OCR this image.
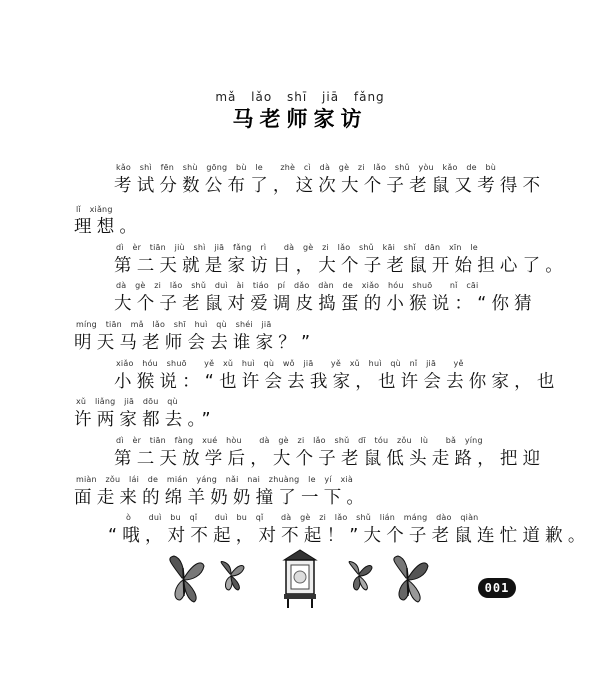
mǎ lǎo shī jiā fǎng
马老师家访
kǎo shì fēn shù gōng bù le  zhè cì dà gè zi lǎo shǔ yòu kǎo de bù
考试分数公布了，这次大个子老鼠又考得不
lǐ xiǎng
理想。
dì èr tiān jiù shì jiā fǎng rì  dà gè zi lǎo shǔ kāi shǐ dān xīn le
第二天就是家访日，大个子老鼠开始担心了。
dà gè zi lǎo shǔ duì ài tiáo pí dǎo dàn de xiǎo hóu shuō  nǐ cāi
大个子老鼠对爱调皮捣蛋的小猴说：“你猜
míng tiān mǎ lǎo shī huì qù shéi jiā
明天马老师会去谁家？”
xiǎo hóu shuō  yě xǔ huì qù wǒ jiā  yě xǔ huì qù nǐ jiā  yě
小猴说：“也许会去我家，也许会去你家，也
xǔ liǎng jiā dōu qù
许两家都去。”
dì èr tiān fàng xué hòu  dà gè zi lǎo shǔ dī tóu zǒu lù  bǎ yíng
第二天放学后，大个子老鼠低头走路，把迎
miàn zǒu lái de mián yáng nǎi nai zhuàng le yí xià
面走来的绵羊奶奶撞了一下。
ò  duì bu qǐ  duì bu qǐ  dà gè zi lǎo shǔ lián máng dào qiàn
“哦，对不起，对不起！”大个子老鼠连忙道歉。
001
